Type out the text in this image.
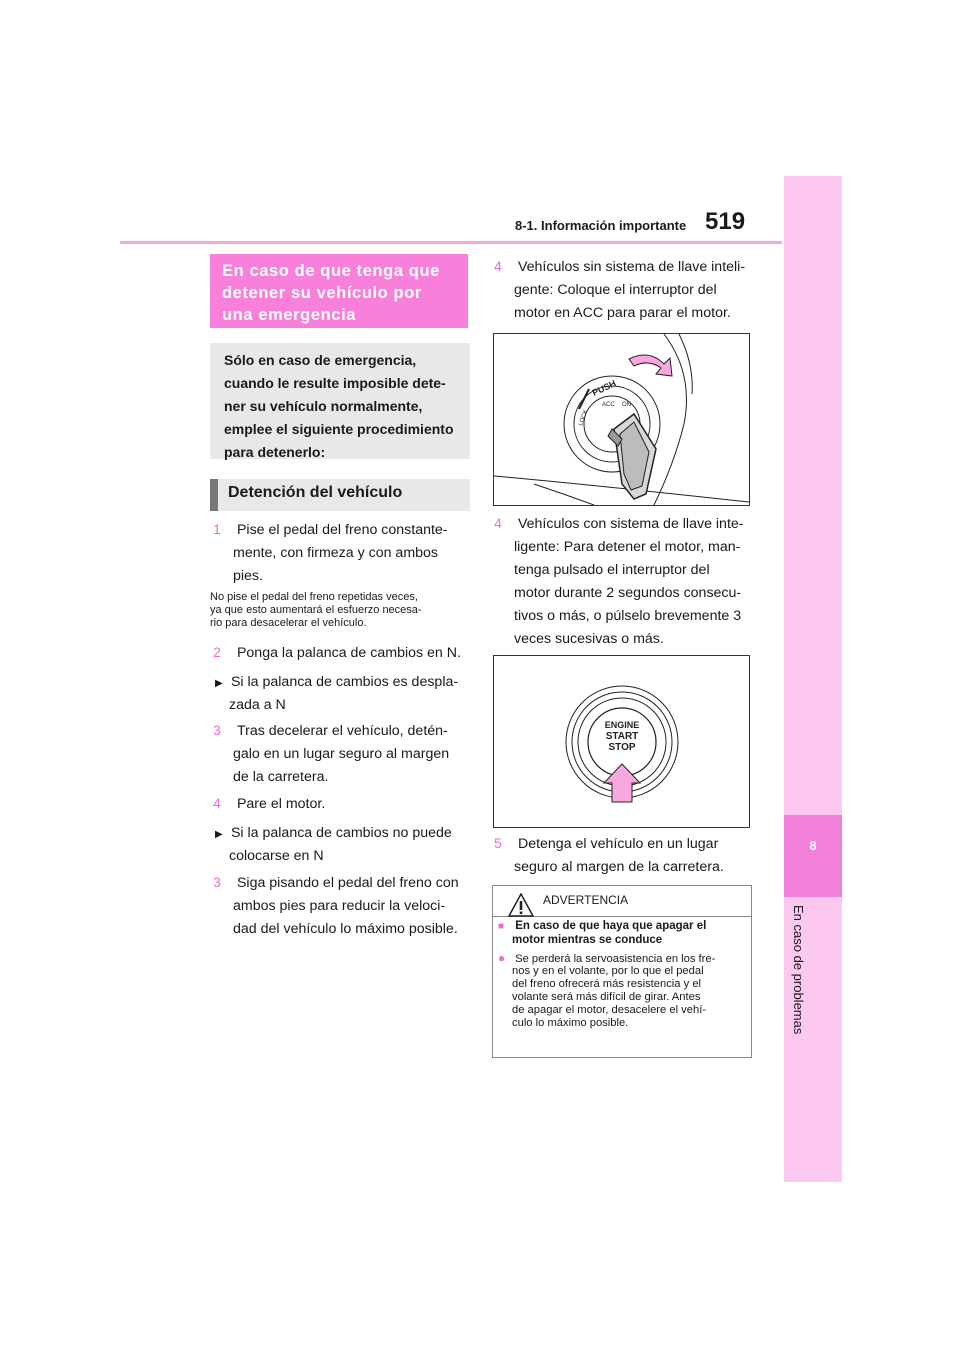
8-1. Información importante 519
8
En caso de problemas
En caso de que tenga que
detener su vehículo por
una emergencia
Sólo en caso de emergencia,
cuando le resulte imposible dete-
ner su vehículo normalmente,
emplee el siguiente procedimiento
para detenerlo:
Detención del vehículo
1 Pise el pedal del freno constante-
mente, con firmeza y con ambos
pies.
No pise el pedal del freno repetidas veces,
ya que esto aumentará el esfuerzo necesa-
rio para desacelerar el vehículo.
2 Ponga la palanca de cambios en N.
▶ Si la palanca de cambios es despla-
zada a N
3 Tras decelerar el vehículo, detén-
galo en un lugar seguro al margen
de la carretera.
4 Pare el motor.
▶ Si la palanca de cambios no puede
colocarse en N
3 Siga pisando el pedal del freno con
ambos pies para reducir la veloci-
dad del vehículo lo máximo posible.
4 Vehículos sin sistema de llave inteli-
gente: Coloque el interruptor del
motor en ACC para parar el motor.
PUSH
LOCK
ACC ON
4 Vehículos con sistema de llave inte-
ligente: Para detener el motor, man-
tenga pulsado el interruptor del
motor durante 2 segundos consecu-
tivos o más, o púlselo brevemente 3
veces sucesivas o más.
ENGINE
START
STOP
5 Detenga el vehículo en un lugar
seguro al margen de la carretera.
ADVERTENCIA
■ En caso de que haya que apagar el
motor mientras se conduce
● Se perderá la servoasistencia en los fre-
nos y en el volante, por lo que el pedal
del freno ofrecerá más resistencia y el
volante será más difícil de girar. Antes
de apagar el motor, desacelere el vehí-
culo lo máximo posible.
